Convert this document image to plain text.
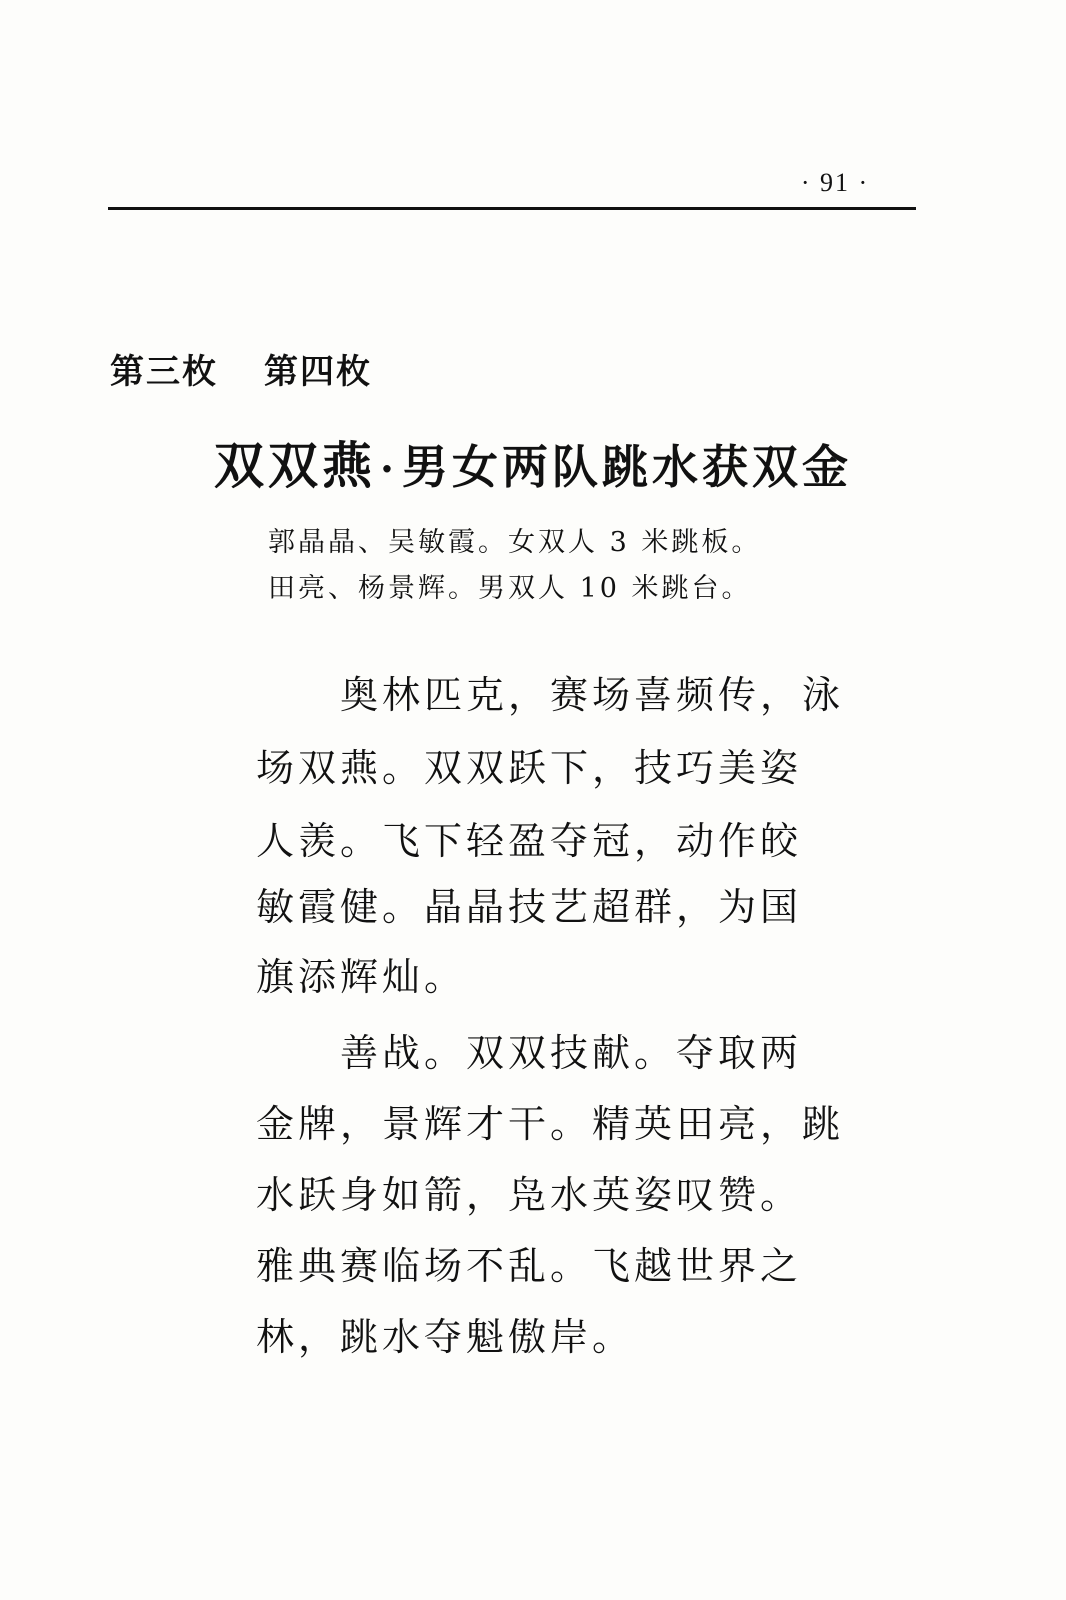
· 91 ·
第三枚 第四枚
双双燕 ·男女两队跳水获双金
郭晶晶、吴敏霞。女双人 3 米跳板。
田亮、杨景辉。男双人 10 米跳台。
　　奥林匹克，赛场喜频传，泳
场双燕。双双跃下，技巧美姿
人羡。飞下轻盈夺冠，动作皎
敏霞健。晶晶技艺超群，为国
旗添辉灿。
　　善战。双双技献。夺取两
金牌，景辉才干。精英田亮，跳
水跃身如箭，凫水英姿叹赞。
雅典赛临场不乱。飞越世界之
林，跳水夺魁傲岸。
